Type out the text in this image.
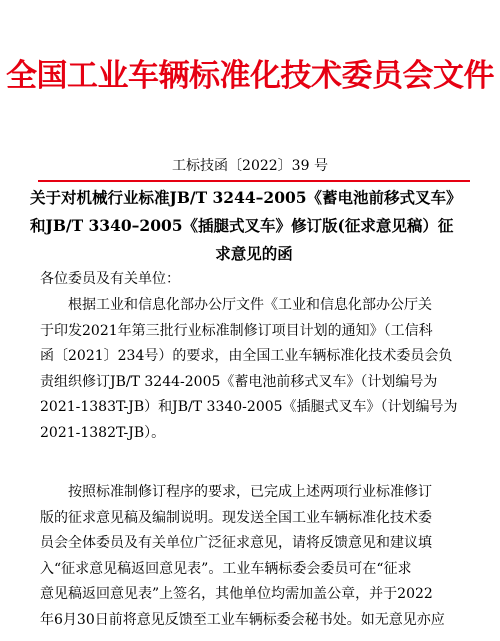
全国工业车辆标准化技术委员会文件
工标技函〔2022〕39 号
关于对机械行业标准JB/T 3244–2005《蓄电池前移式叉车》
和JB/T 3340–2005《插腿式叉车》修订版(征求意见稿）征
求意见的函
各位委员及有关单位：
根据工业和信息化部办公厅文件《工业和信息化部办公厅关
于印发2021年第三批行业标准制修订项目计划的通知》（工信科
函〔2021〕234号）的要求，由全国工业车辆标准化技术委员会负
责组织修订JB/T 3244-2005《蓄电池前移式叉车》（计划编号为
2021-1383T-JB）和JB/T 3340-2005《插腿式叉车》（计划编号为
2021-1382T-JB）。
按照标准制修订程序的要求，已完成上述两项行业标准修订
版的征求意见稿及编制说明。现发送全国工业车辆标准化技术委
员会全体委员及有关单位广泛征求意见，请将反馈意见和建议填
入“征求意见稿返回意见表”。工业车辆标委会委员可在“征求
意见稿返回意见表”上签名，其他单位均需加盖公章，并于2022
年6月30日前将意见反馈至工业车辆标委会秘书处。如无意见亦应
